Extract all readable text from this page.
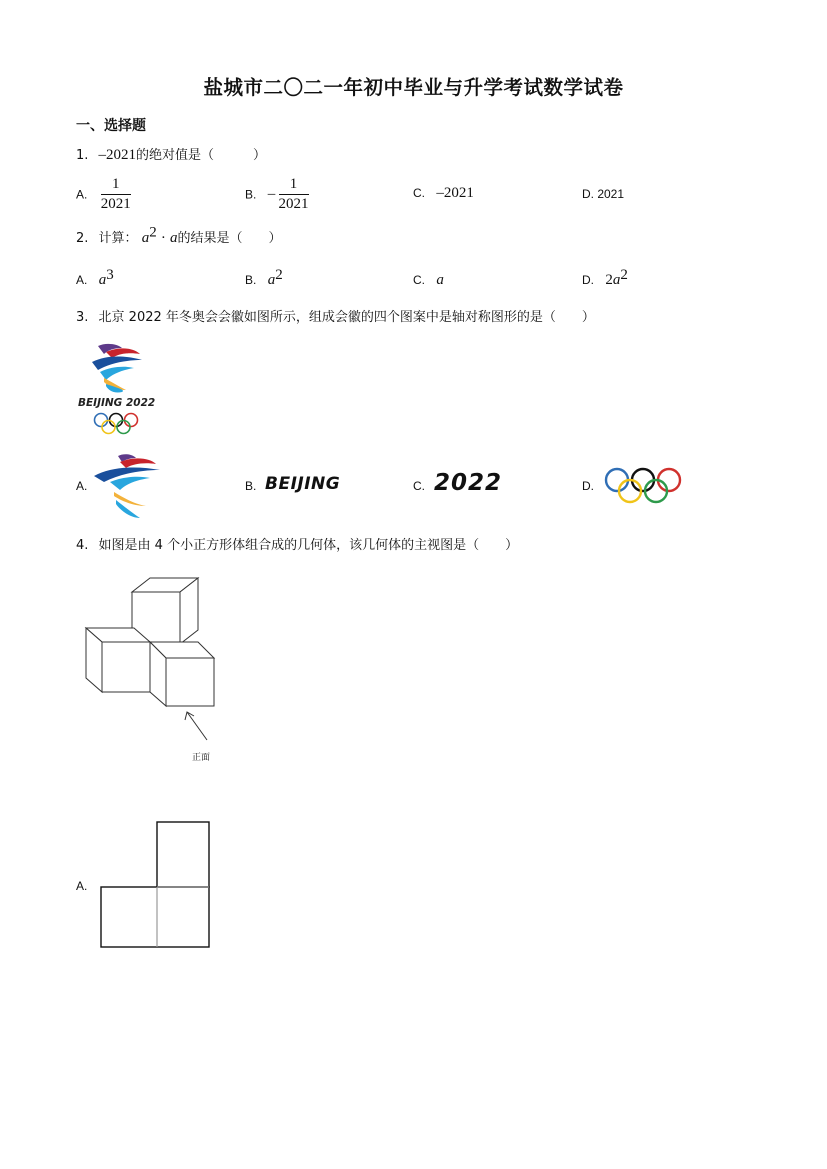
盐城市二〇二一年初中毕业与升学考试数学试卷
一、选择题
1. –2021的绝对值是（　　　）
A. $\frac{1}{2021}$	B. – $\frac{1}{2021}$	C. –2021	D. 2021
2. 计算： $a^2 \cdot a$的结果是（　　）
A. $a^3$	B. $a^2$	C. a	D. $2a^2$
3. 北京 2022 年冬奥会会徽如图所示，组成会徽的四个图案中是轴对称图形的是（　　）
BEIJING 2022
A.	B. BEIJING	C. 2022	D.
4. 如图是由 4 个小正方形体组合成的几何体，该几何体的主视图是（　　）
正面
A.
